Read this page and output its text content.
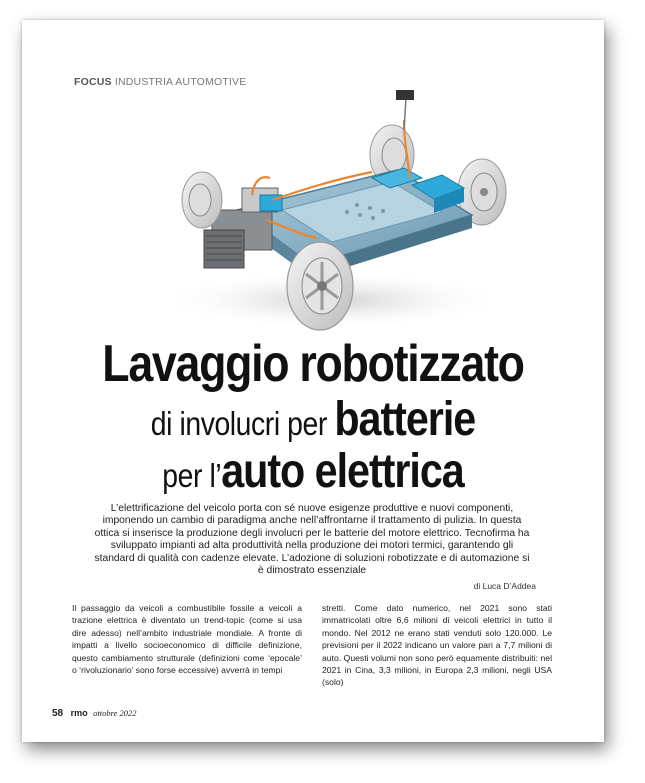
FOCUS INDUSTRIA AUTOMOTIVE
Lavaggio robotizzato
di involucri per batterie
per l’auto elettrica
L’elettrificazione del veicolo porta con sé nuove esigenze produttive e nuovi componenti, imponendo un cambio di paradigma anche nell’affrontarne il trattamento di pulizia. In questa ottica si inserisce la produzione degli involucri per le batterie del motore elettrico. Tecnofirma ha sviluppato impianti ad alta produttività nella produzione dei motori termici, garantendo gli standard di qualità con cadenze elevate. L’adozione di soluzioni robotizzate e di automazione si è dimostrato essenziale
di Luca D’Addea
Il passaggio da veicoli a combustibile fossile a veicoli a trazione elettrica è diventato un trend-topic (come si usa dire adesso) nell’ambito industriale mondiale. A fronte di impatti a livello socioeconomico di difficile definizione, questo cambiamento strutturale (definizioni come ‘epocale’ o ‘rivoluzionario’ sono forse eccessive) avverrà in tempi
stretti. Come dato numerico, nel 2021 sono stati immatricolati oltre 6,6 milioni di veicoli elettrici in tutto il mondo. Nel 2012 ne erano stati venduti solo 120.000. Le previsioni per il 2022 indicano un valore pari a 7,7 milioni di auto. Questi volumi non sono però equamente distribuiti: nel 2021 in Cina, 3,3 milioni, in Europa 2,3 milioni, negli USA (solo)
58 rmo ottobre 2022
